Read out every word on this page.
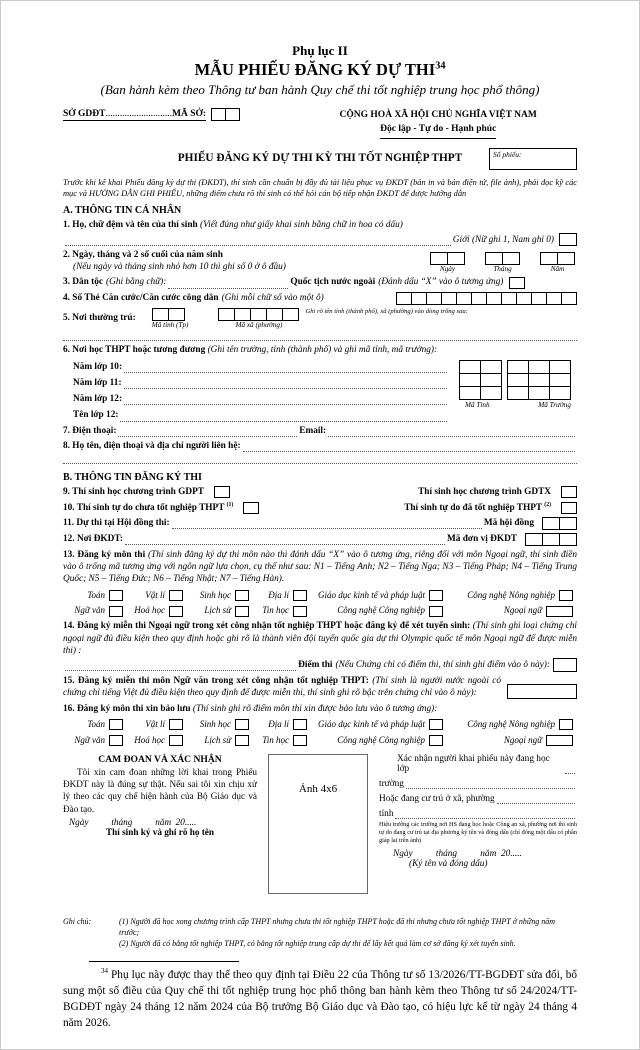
Phụ lục II
MẪU PHIẾU ĐĂNG KÝ DỰ THI$^{34}$
(Ban hành kèm theo Thông tư ban hành Quy chế thi tốt nghiệp trung học phổ thông)
SỞ GDĐT............................MÃ SỞ:	CỘNG HOÀ XÃ HỘI CHỦ NGHĨA VIỆT NAM
Độc lập - Tự do - Hạnh phúc
PHIẾU ĐĂNG KÝ DỰ THI KỲ THI TỐT NGHIỆP THPT	Số phiếu:
Trước khi kê khai Phiếu đăng ký dự thi (ĐKDT), thí sinh cần chuẩn bị đầy đủ tài liệu phục vụ ĐKDT (bản in và bản điện tử, file ảnh), phải đọc kỹ các mục và HƯỚNG DẪN GHI PHIẾU, những điểm chưa rõ thí sinh có thể hỏi cán bộ tiếp nhận ĐKDT để được hướng dẫn
A. THÔNG TIN CÁ NHÂN
1. Họ, chữ đệm và tên của thí sinh (Viết đúng như giấy khai sinh bằng chữ in hoa có dấu)
Giới (Nữ ghi 1, Nam ghi 0)
2. Ngày, tháng và 2 số cuối của năm sinh
(Nếu ngày và tháng sinh nhỏ hơn 10 thì ghi số 0 ở ô đầu)	Ngày	Tháng	Năm
3. Dân tộc (Ghi bằng chữ):	Quốc tịch nước ngoài (Đánh dấu “X” vào ô tương ứng)
4. Số Thẻ Căn cước/Căn cước công dân (Ghi mỗi chữ số vào một ô)
5. Nơi thường trú:
Mã tỉnh (Tp)	Mã xã (phường)
Ghi rõ tên tỉnh (thành phố), xã (phường) vào dòng trống sau:
6. Nơi học THPT hoặc tương đương (Ghi tên trường, tỉnh (thành phố) và ghi mã tỉnh, mã trường):
Năm lớp 10:
Năm lớp 11:
Năm lớp 12:
Tên lớp 12:
Mã Tỉnh	Mã Trường
7. Điện thoại:	Email:
8. Họ tên, điện thoại và địa chỉ người liên hệ:
B. THÔNG TIN ĐĂNG KÝ THI
9. Thí sinh học chương trình GDPT	Thí sinh học chương trình GDTX
10. Thí sinh tự do chưa tốt nghiệp THPT $^{(1)}$	Thí sinh tự do đã tốt nghiệp THPT $^{(2)}$
11. Dự thi tại Hội đồng thi:	Mã hội đồng
12. Nơi ĐKDT:	Mã đơn vị ĐKDT
13. Đăng ký môn thi (Thí sinh đăng ký dự thi môn nào thì đánh dấu “X” vào ô tương ứng, riêng đối với môn Ngoại ngữ, thí sinh điền vào ô trống mã tương ứng với ngôn ngữ lựa chọn, cụ thể như sau: N1 – Tiếng Anh; N2 – Tiếng Nga; N3 – Tiếng Pháp; N4 – Tiếng Trung Quốc; N5 – Tiếng Đức; N6 – Tiếng Nhật; N7 – Tiếng Hàn).
Toán	Vật lí	Sinh học	Địa lí	Giáo dục kinh tế và pháp luật	Công nghệ Nông nghiệp
Ngữ văn	Hoá học	Lịch sử	Tin học	Công nghệ Công nghiệp	Ngoại ngữ
14. Đăng ký miễn thi Ngoại ngữ trong xét công nhận tốt nghiệp THPT hoặc đăng ký để xét tuyển sinh: (Thí sinh ghi loại chứng chỉ ngoại ngữ đủ điều kiện theo quy định hoặc ghi rõ là thành viên đội tuyển quốc gia dự thi Olympic quốc tế môn Ngoại ngữ để được miễn thi) :
Điểm thi (Nếu Chứng chỉ có điểm thi, thí sinh ghi điểm vào ô này):
15. Đăng ký miễn thi môn Ngữ văn trong xét công nhận tốt nghiệp THPT: (Thí sinh là người nước ngoài có chứng chỉ tiếng Việt đủ điều kiện theo quy định để được miễn thi, thí sinh ghi rõ bậc trên chứng chỉ vào ô này):
16. Đăng ký môn thi xin bảo lưu (Thí sinh ghi rõ điểm môn thi xin được bảo lưu vào ô tương ứng):
Toán	Vật lí	Sinh học	Địa lí	Giáo dục kinh tế và pháp luật	Công nghệ Nông nghiệp
Ngữ văn	Hoá học	Lịch sử	Tin học	Công nghệ Công nghiệp	Ngoại ngữ
CAM ĐOAN VÀ XÁC NHẬN

Tôi xin cam đoan những lời khai trong Phiếu ĐKDT này là đúng sự thật. Nếu sai tôi xin chịu xử lý theo các quy chế hiện hành của Bộ Giáo dục và Đào tạo.

Ngày          tháng          năm  20.....
Thí sinh ký và ghi rõ họ tên
Ảnh 4x6
Xác nhận người khai phiếu này đang học lớp
trường
Hoặc đang cư trú ở xã, phường
tỉnh
Hiệu trưởng các trường nơi HS đang học hoặc Công an xã, phường nơi thí sinh tự do đang cư trú tại địa phương ký tên và đóng dấu (chỉ đóng một dấu có phần giáp lai trên ảnh)
Ngày          tháng          năm  20.....
(Ký tên và đóng dấu)
Ghi chú:	(1) Người đã học xong chương trình cấp THPT nhưng chưa thi tốt nghiệp THPT hoặc đã thi nhưng chưa tốt nghiệp THPT ở những năm trước;
(2) Người đã có bằng tốt nghiệp THPT, có bằng tốt nghiệp trung cấp dự thi để lấy kết quả làm cơ sở đăng ký xét tuyển sinh.

$^{34}$ Phụ lục này được thay thế theo quy định tại Điều 22 của Thông tư số 13/2026/TT-BGDĐT sửa đổi, bổ sung một số điều của Quy chế thi tốt nghiệp trung học phổ thông ban hành kèm theo Thông tư số 24/2024/TT-BGDĐT ngày 24 tháng 12 năm 2024 của Bộ trưởng Bộ Giáo dục và Đào tạo, có hiệu lực kể từ ngày 24 tháng 4 năm 2026.
